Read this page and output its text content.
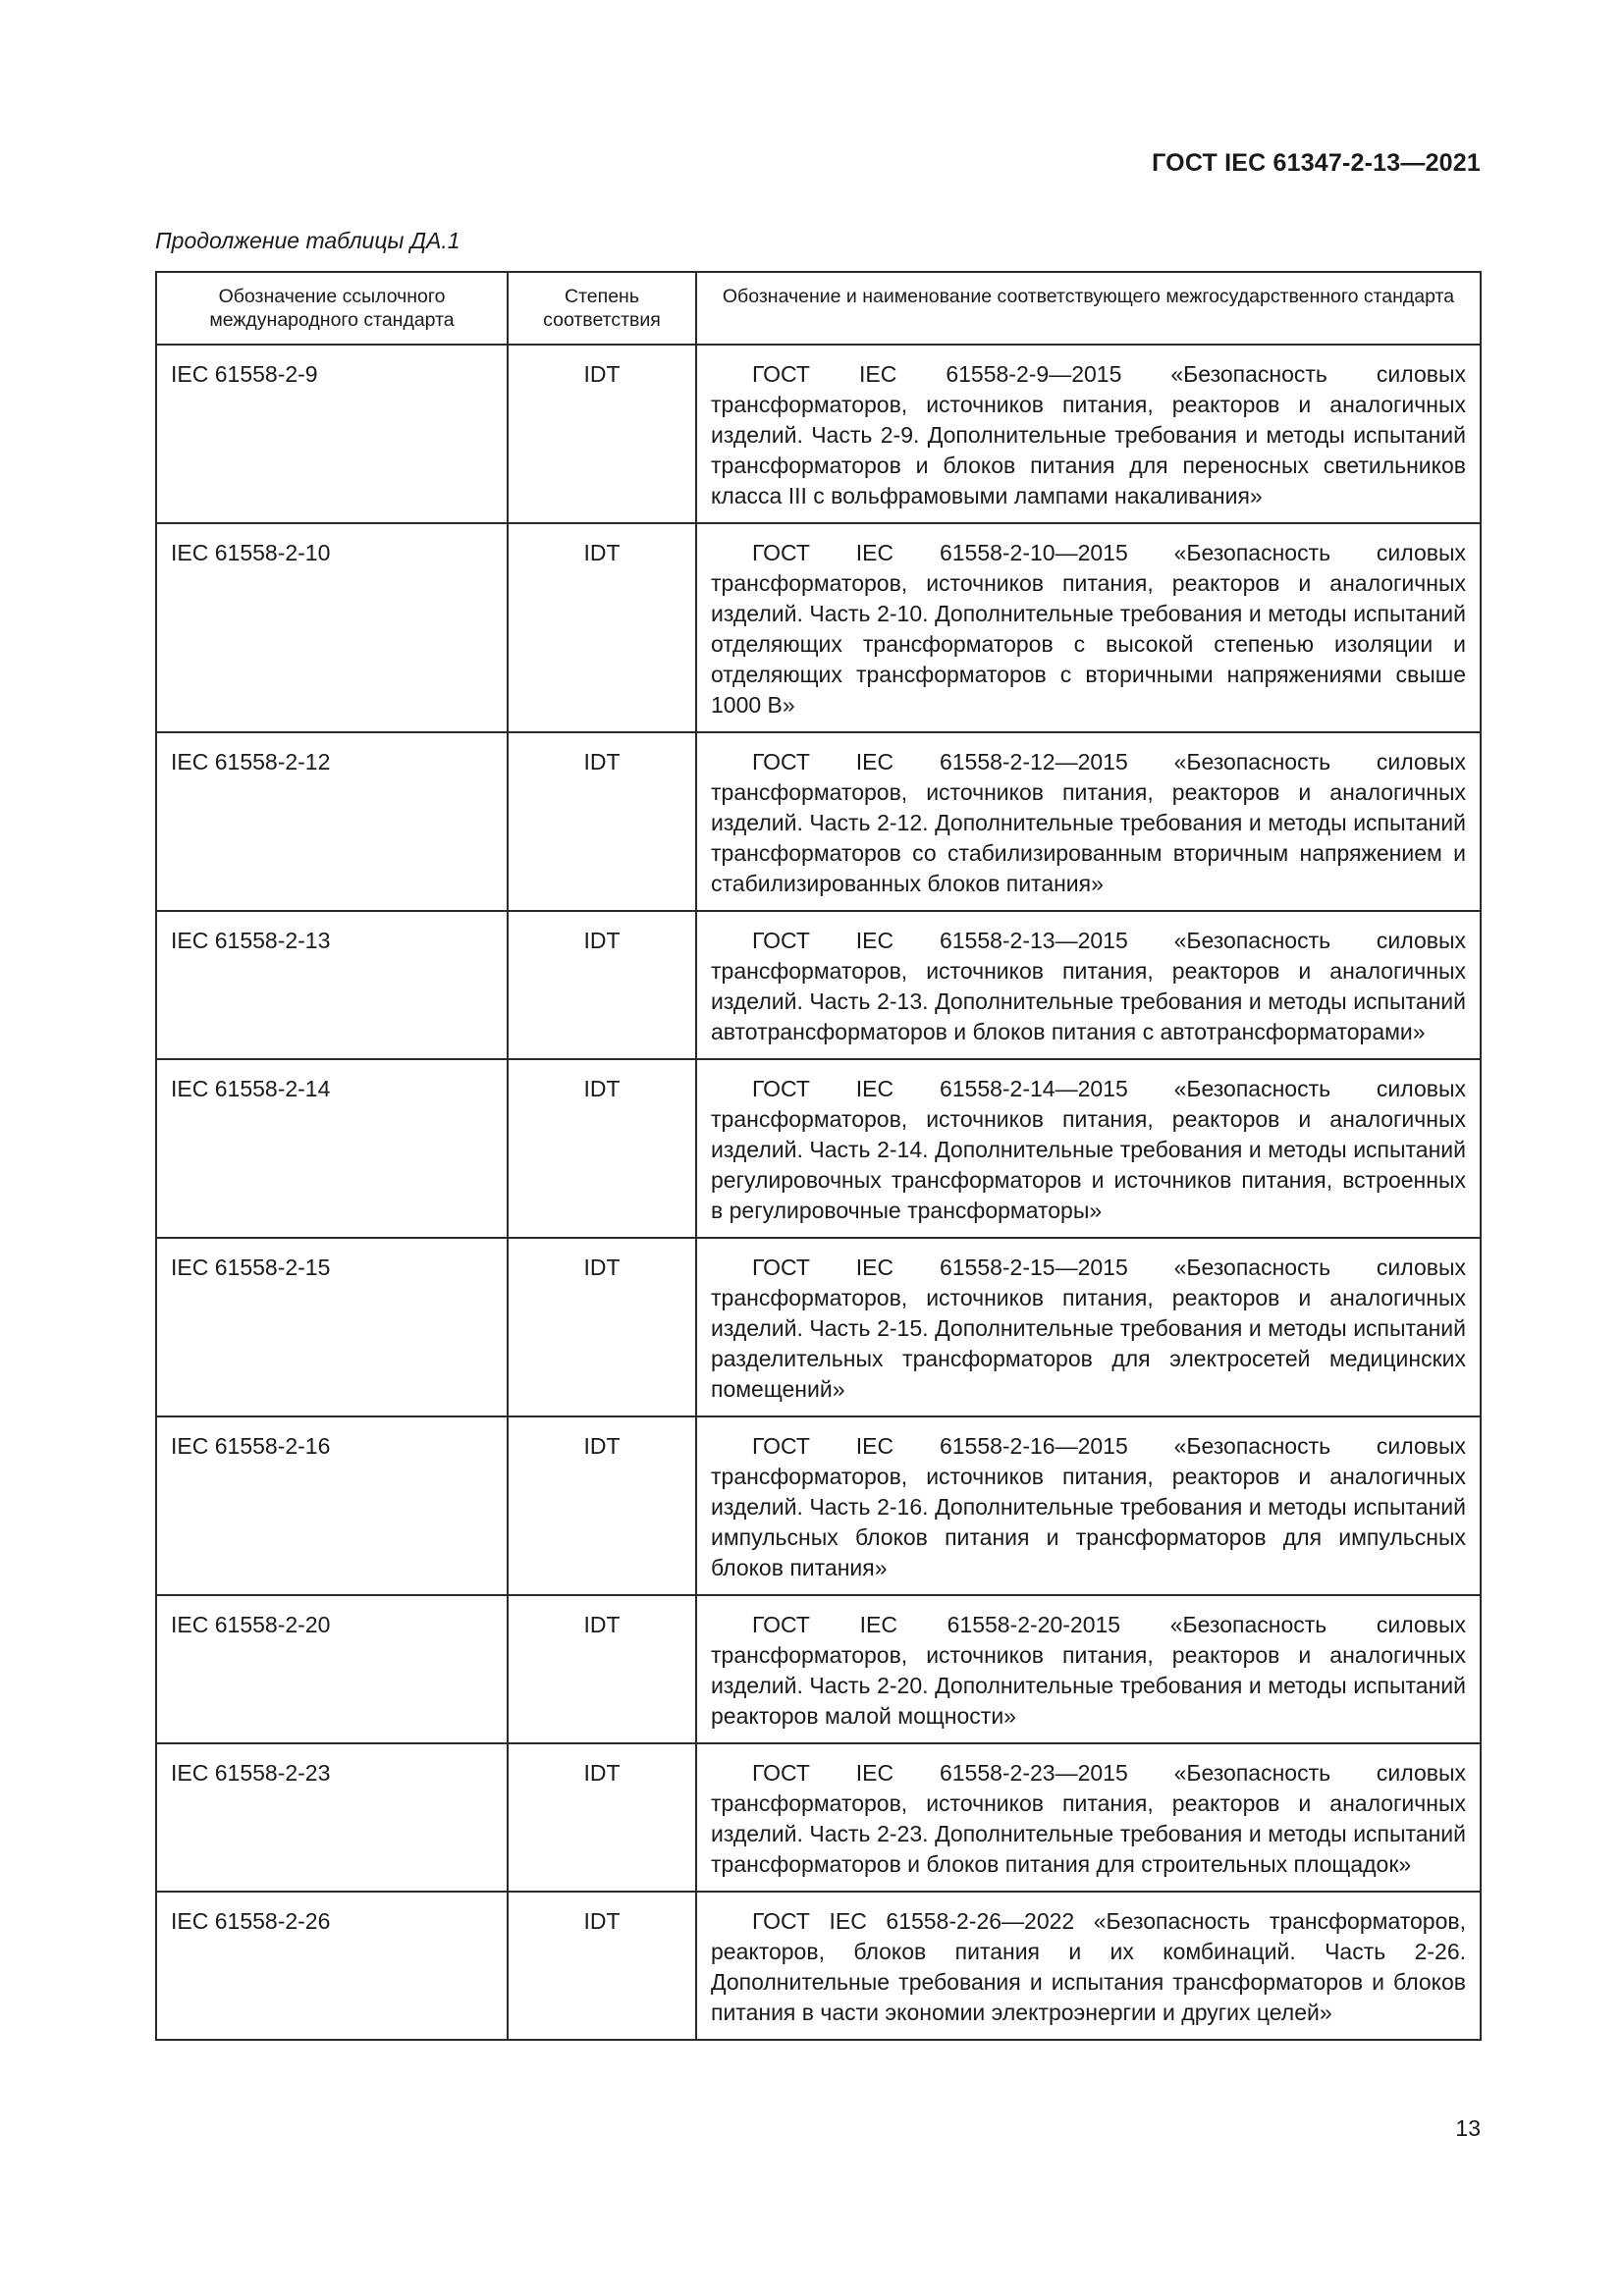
ГОСТ IEC 61347-2-13—2021
Продолжение таблицы ДА.1
Обозначение ссылочного международного стандарта	Степень соответствия	Обозначение и наименование соответствующего межгосударственного стандарта
IEC 61558-2-9	IDT	ГОСТ IEC 61558-2-9—2015 «Безопасность силовых трансформаторов, источников питания, реакторов и аналогичных изделий. Часть 2-9. Дополнительные требования и методы испытаний трансформаторов и блоков питания для переносных светильников класса III с вольфрамовыми лампами накаливания»
IEC 61558-2-10	IDT	ГОСТ IEC 61558-2-10—2015 «Безопасность силовых трансформаторов, источников питания, реакторов и аналогичных изделий. Часть 2-10. Дополнительные требования и методы испытаний отделяющих трансформаторов с высокой степенью изоляции и отделяющих трансформаторов с вторичными напряжениями свыше 1000 В»
IEC 61558-2-12	IDT	ГОСТ IEC 61558-2-12—2015 «Безопасность силовых трансформаторов, источников питания, реакторов и аналогичных изделий. Часть 2-12. Дополнительные требования и методы испытаний трансформаторов со стабилизированным вторичным напряжением и стабилизированных блоков питания»
IEC 61558-2-13	IDT	ГОСТ IEC 61558-2-13—2015 «Безопасность силовых трансформаторов, источников питания, реакторов и аналогичных изделий. Часть 2-13. Дополнительные требования и методы испытаний автотрансформаторов и блоков питания с автотрансформаторами»
IEC 61558-2-14	IDT	ГОСТ IEC 61558-2-14—2015 «Безопасность силовых трансформаторов, источников питания, реакторов и аналогичных изделий. Часть 2-14. Дополнительные требования и методы испытаний регулировочных трансформаторов и источников питания, встроенных в регулировочные трансформаторы»
IEC 61558-2-15	IDT	ГОСТ IEC 61558-2-15—2015 «Безопасность силовых трансформаторов, источников питания, реакторов и аналогичных изделий. Часть 2-15. Дополнительные требования и методы испытаний разделительных трансформаторов для электросетей медицинских помещений»
IEC 61558-2-16	IDT	ГОСТ IEC 61558-2-16—2015 «Безопасность силовых трансформаторов, источников питания, реакторов и аналогичных изделий. Часть 2-16. Дополнительные требования и методы испытаний импульсных блоков питания и трансформаторов для импульсных блоков питания»
IEC 61558-2-20	IDT	ГОСТ IEC 61558-2-20-2015 «Безопасность силовых трансформаторов, источников питания, реакторов и аналогичных изделий. Часть 2-20. Дополнительные требования и методы испытаний реакторов малой мощности»
IEC 61558-2-23	IDT	ГОСТ IEC 61558-2-23—2015 «Безопасность силовых трансформаторов, источников питания, реакторов и аналогичных изделий. Часть 2-23. Дополнительные требования и методы испытаний трансформаторов и блоков питания для строительных площадок»
IEC 61558-2-26	IDT	ГОСТ IEC 61558-2-26—2022 «Безопасность трансформаторов, реакторов, блоков питания и их комбинаций. Часть 2-26. Дополнительные требования и испытания трансформаторов и блоков питания в части экономии электроэнергии и других целей»
13
